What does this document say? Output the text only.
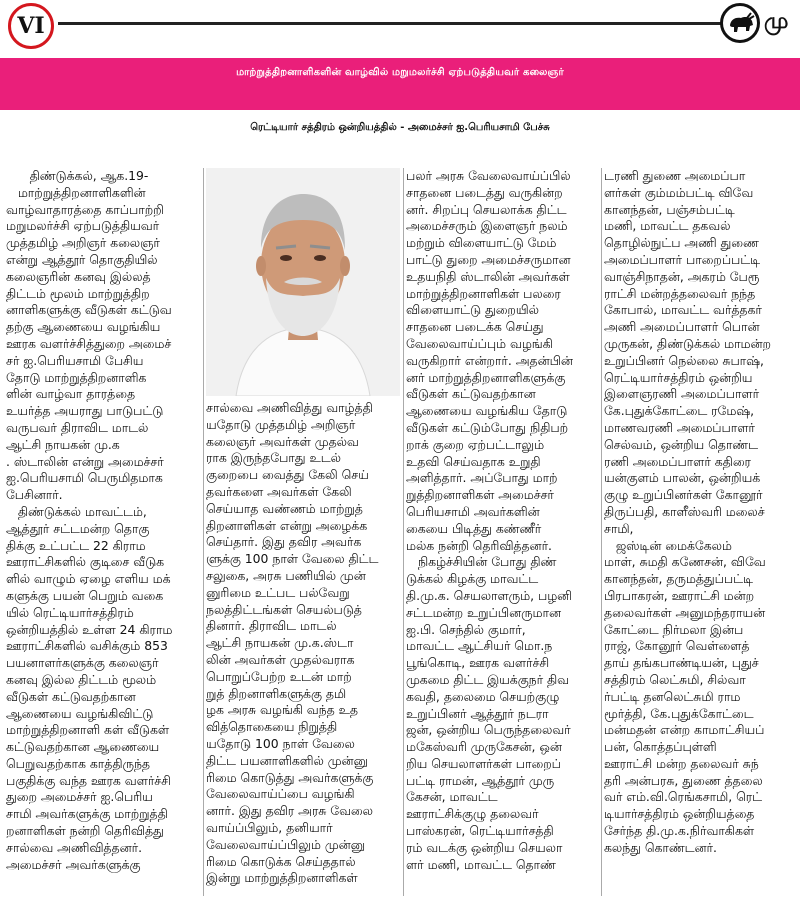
VI	மு
மாற்றுத்திறனாளிகளின் வாழ்வில் மறுமலர்ச்சி ஏற்படுத்தியவர் கலைஞர்
ரெட்டியார் சத்திரம் ஒன்றியத்தில் - அமைச்சர் ஐ.பெரியசாமி பேச்சு
திண்டுக்கல், ஆக.19-
மாற்றுத்திறனாளிகளின்
வாழ்வாதாரத்தை காப்பாற்றி
மறுமலர்ச்சி ஏற்படுத்தியவர்
முத்தமிழ் அறிஞர் கலைஞர்
என்று ஆத்தூர் தொகுதியில்
கலைஞரின் கனவு இல்லத்
திட்டம் மூலம் மாற்றுத்திற
னாளிகளுக்கு வீடுகள் கட்டுவ
தற்கு ஆணையை வழங்கிய
ஊரக வளர்ச்சித்துறை அமைச்
சர் ஐ.பெரியசாமி பேசிய
தோடு மாற்றுத்திறனாளிக
ளின் வாழ்வா தாரத்தை
உயர்த்த அயராது பாடுபட்டு
வருபவர் திராவிட மாடல்
ஆட்சி நாயகன் மு.க
. ஸ்டாலின் என்று அமைச்சர்
ஐ.பெரியசாமி பெருமிதமாக
பேசினார்.
திண்டுக்கல் மாவட்டம்,
ஆத்தூர் சட்டமன்ற தொகு
திக்கு உட்பட்ட 22 கிராம
ஊராட்சிகளில் குடிசை வீடுக
ளில் வாழும் ஏழை எளிய மக்
களுக்கு பயன் பெறும் வகை
யில் ரெட்டியார்சத்திரம்
ஒன்றியத்தில் உள்ள 24 கிராம
ஊராட்சிகளில் வசிக்கும் 853
பயனாளர்களுக்கு கலைஞர்
கனவு இல்ல திட்டம் மூலம்
வீடுகள் கட்டுவதற்கான
ஆணையை வழங்கிவிட்டு
மாற்றுத்திறனாளி கள் வீடுகள்
கட்டுவதற்கான ஆணையை
பெறுவதற்காக காத்திருந்த
பகுதிக்கு வந்த ஊரக வளர்ச்சி
துறை அமைச்சர் ஐ.பெரிய
சாமி அவர்களுக்கு மாற்றுத்தி
றனாளிகள் நன்றி தெரிவித்து
சால்வை அணிவித்தனர்.
அமைச்சர் அவர்களுக்கு
சால்வை அணிவித்து வாழ்த்தி
யதோடு முத்தமிழ் அறிஞர்
கலைஞர் அவர்கள் முதல்வ
ராக இருந்தபோது உடல்
குறைபை வைத்து கேலி செய்
தவர்களை அவர்கள் கேலி
செய்யாத வண்ணம் மாற்றுத்
திறனாளிகள் என்று அழைக்க
செய்தார். இது தவிர அவர்க
ளுக்கு 100 நாள் வேலை திட்ட
சலுகை, அரசு பணியில் முன்
னுரிமை உட்பட பல்வேறு
நலத்திட்டங்கள் செயல்படுத்
தினார். திராவிட மாடல்
ஆட்சி நாயகன் மு.க.ஸ்டா
லின் அவர்கள் முதல்வராக
பொறுப்பேற்ற உடன் மாற்
றுத் திறனாளிகளுக்கு தமி
ழக அரசு வழங்கி வந்த உத
வித்தொகையை நிறுத்தி
யதோடு 100 நாள் வேலை
திட்ட பயனாளிகளில் முன்னு
ரிமை கொடுத்து அவர்களுக்கு
வேலைவாய்ப்பை வழங்கி
னார். இது தவிர அரசு வேலை
வாய்ப்பிலும், தனியார்
வேலைவாய்ப்பிலும் முன்னு
ரிமை கொடுக்க செய்ததால்
இன்று மாற்றுத்திறனாளிகள்
பலர் அரசு வேலைவாய்ப்பில்
சாதனை படைத்து வருகின்ற
னர். சிறப்பு செயலாக்க திட்ட
அமைச்சரும் இளைஞர் நலம்
மற்றும் விளையாட்டு மேம்
பாட்டு துறை அமைச்சருமான
உதயநிதி ஸ்டாலின் அவர்கள்
மாற்றுத்திறனாளிகள் பலரை
விளையாட்டு துறையில்
சாதனை படைக்க செய்து
வேலைவாய்ப்பும் வழங்கி
வருகிறார் என்றார். அதன்பின்
னர் மாற்றுத்திறனாளிகளுக்கு
வீடுகள் கட்டுவதற்கான
ஆணையை வழங்கிய தோடு
வீடுகள் கட்டும்போது நிதிபற்
றாக் குறை ஏற்பட்டாலும்
உதவி செய்வதாக உறுதி
அளித்தார். அப்போது மாற்
றுத்திறனாளிகள் அமைச்சர்
பெரியசாமி அவர்களின்
கையை பிடித்து கண்ணீர்
மல்க நன்றி தெரிவித்தனர்.
நிகழ்ச்சியின் போது திண்
டுக்கல் கிழக்கு மாவட்ட
தி.மு.க. செயலாளரும், பழனி
சட்டமன்ற உறுப்பினருமான
ஐ.பி. செந்தில் குமார்,
மாவட்ட ஆட்சியர் மொ.ந
பூங்கொடி, ஊரக வளர்ச்சி
முகமை திட்ட இயக்குநர் திவ
கவதி, தலைமை செயற்குழு
உறுப்பினர் ஆத்தூர் நடரா
ஜன், ஒன்றிய பெருந்தலைவர்
மகேஸ்வரி முருகேசன், ஒன்
றிய செயலாளர்கள் பாறைப்
பட்டி ராமன், ஆத்தூர் முரு
கேசன், மாவட்ட
ஊராட்சிக்குழு தலைவர்
பாஸ்கரன், ரெட்டியார்சத்தி
ரம் வடக்கு ஒன்றிய செயலா
ளர் மணி, மாவட்ட தொண்
டரணி துணை அமைப்பா
ளர்கள் கும்மம்பட்டி விவே
கானந்தன், பஞ்சம்பட்டி
மணி, மாவட்ட தகவல்
தொழில்நுட்ப அணி துணை
அமைப்பாளர் பாறைப்பட்டி
வாஞ்சிநாதன், அகரம் பேரூ
ராட்சி மன்றத்தலைவர் நந்த
கோபால், மாவட்ட வர்த்தகர்
அணி அமைப்பாளர் பொன்
முருகன், திண்டுக்கல் மாமன்ற
உறுப்பினர் நெல்லை சுபாஷ்,
ரெட்டியார்சத்திரம் ஒன்றிய
இளைஞரணி அமைப்பாளர்
கே.புதுக்கோட்டை ரமேஷ்,
மாணவரணி அமைப்பாளர்
செல்வம், ஒன்றிய தொண்ட
ரணி அமைப்பாளர் கதிரை
யன்குளம் பாலன், ஒன்றியக்
குழு உறுப்பினர்கள் கோனூர்
திருப்பதி, காளீஸ்வரி மலைச்
சாமி,
ஜஸ்டின் மைக்கேலம்
மாள், சுமதி கணேசன், விவே
கானந்தன், தருமத்துப்பட்டி
பிரபாகரன், ஊராட்சி மன்ற
தலைவர்கள் அனுமந்தராயன்
கோட்டை நிர்மலா இன்ப
ராஜ், கோனூர் வெள்ளைத்
தாய் தங்கபாண்டியன், புதுச்
சத்திரம் லெட்சுமி, சில்வா
ர்பட்டி தனலெட்சுமி ராம
மூர்த்தி, கே.புதுக்கோட்டை
மன்மதன் என்ற காமாட்சியப்
பன், கொத்தப்புள்ளி
ஊராட்சி மன்ற தலைவர் சுந்
தரி அன்பரசு, துணை த்தலை
வர் எம்.வி.ரெங்கசாமி, ரெட்
டியார்சத்திரம் ஒன்றியத்தை
சேர்ந்த தி.மு.க.நிர்வாகிகள்
கலந்து கொண்டனர்.
